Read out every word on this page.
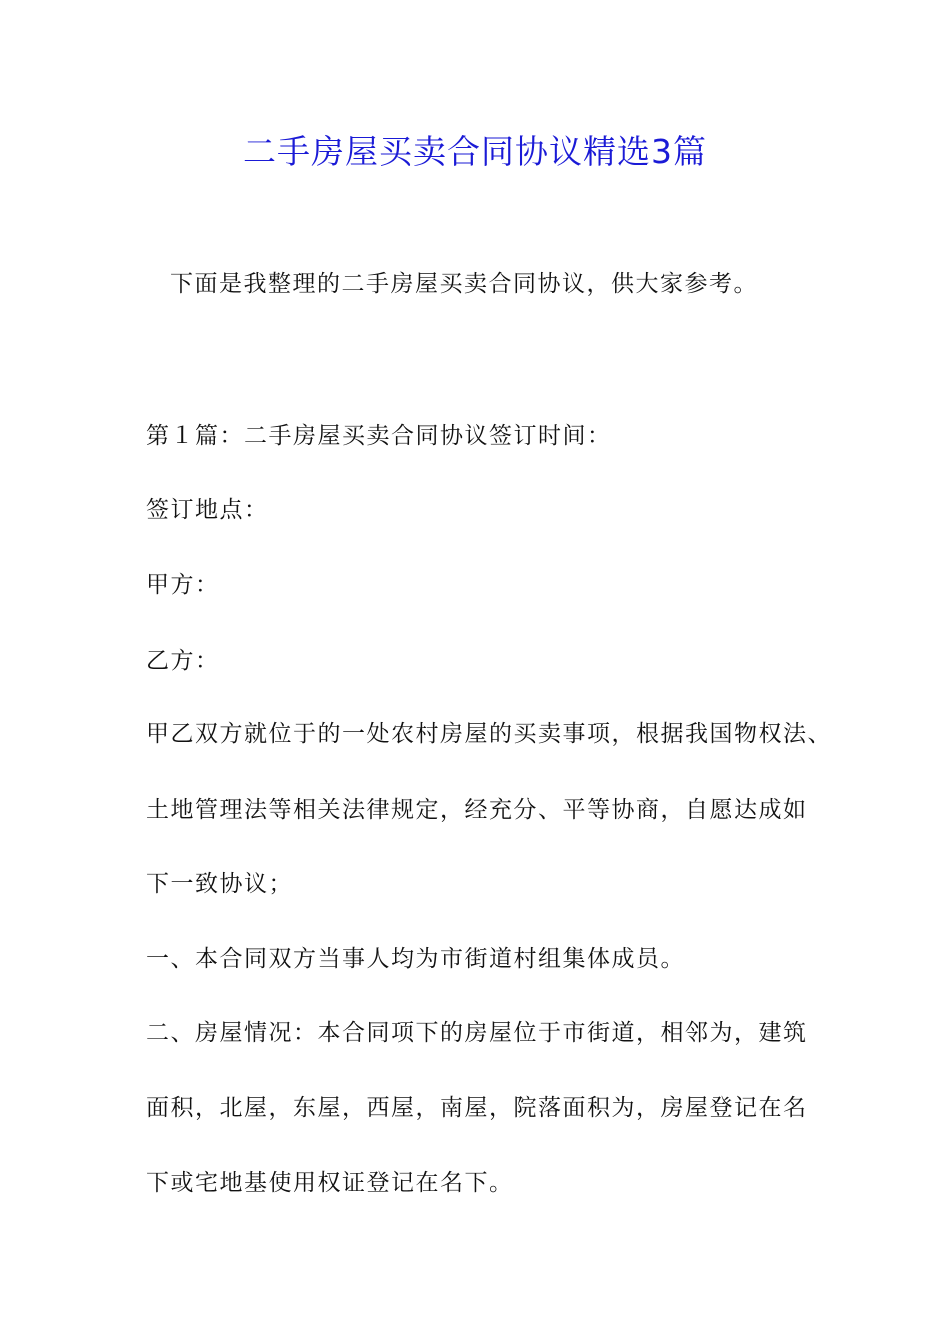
二手房屋买卖合同协议精选3篇
下面是我整理的二手房屋买卖合同协议，供大家参考。
第１篇：二手房屋买卖合同协议签订时间：
签订地点：
甲方：
乙方：
甲乙双方就位于的一处农村房屋的买卖事项，根据我国物权法、
土地管理法等相关法律规定，经充分、平等协商，自愿达成如
下一致协议；
一、本合同双方当事人均为市街道村组集体成员。
二、房屋情况：本合同项下的房屋位于市街道，相邻为，建筑
面积，北屋，东屋，西屋，南屋，院落面积为，房屋登记在名
下或宅地基使用权证登记在名下。
